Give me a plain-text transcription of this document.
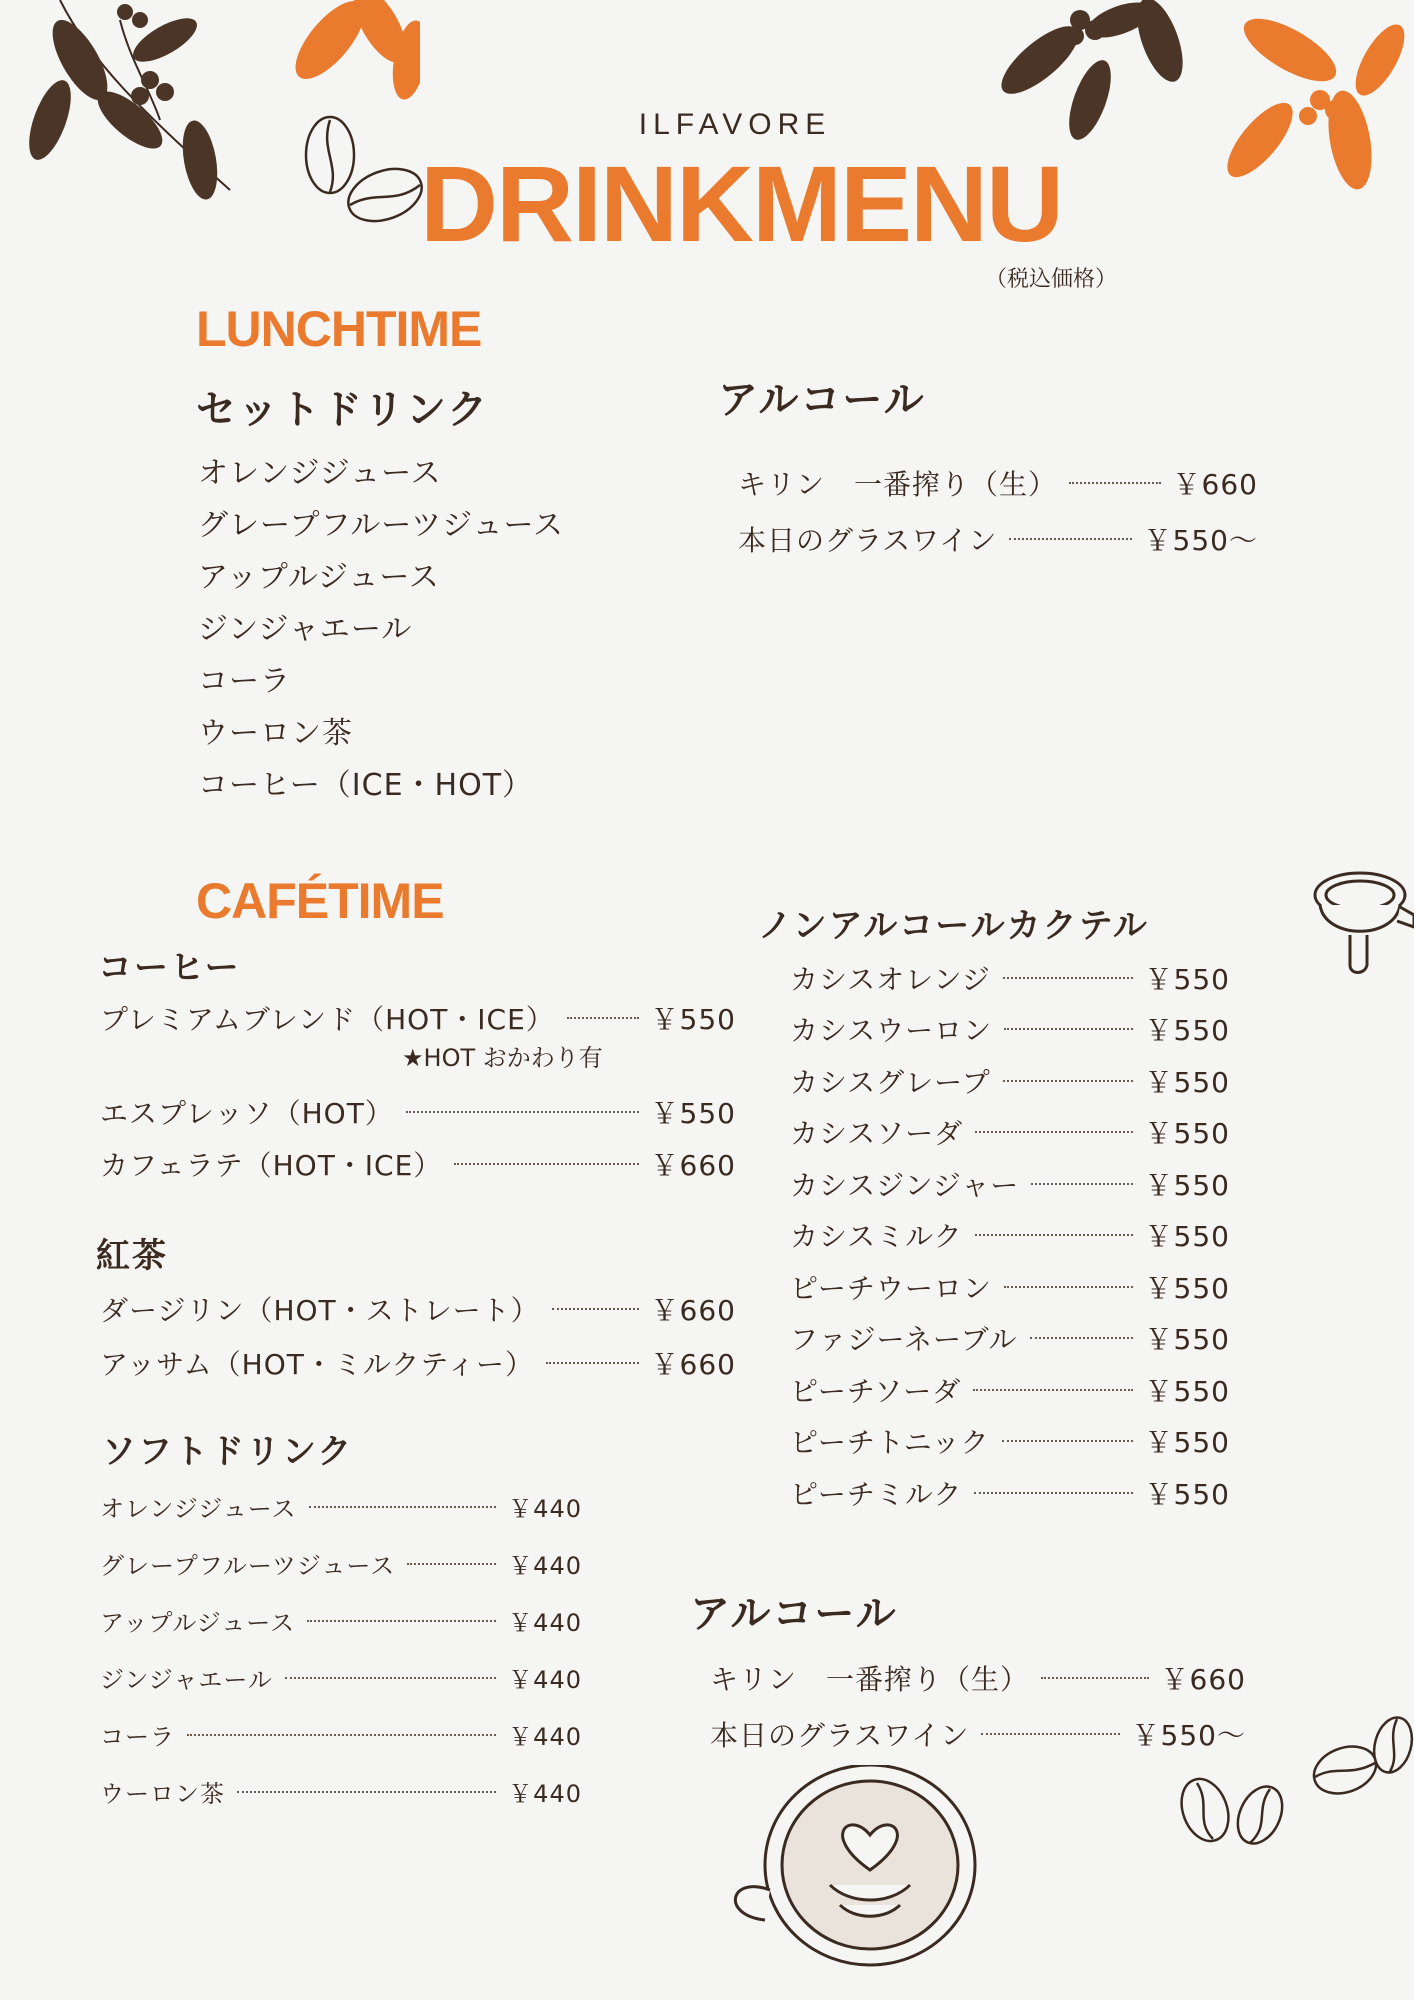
ILFAVORE
DRINKMENU
（税込価格）
LUNCHTIME
セットドリンク
オレンジジュース
グレープフルーツジュース
アップルジュース
ジンジャエール
コーラ
ウーロン茶
コーヒー（ICE・HOT）
アルコール
キリン　一番搾り（生）	￥660
本日のグラスワイン	￥550～
CAFÉTIME
コーヒー
プレミアムブレンド（HOT・ICE）	￥550
★HOT おかわり有
エスプレッソ（HOT）	￥550
カフェラテ（HOT・ICE）	￥660
紅茶
ダージリン（HOT・ストレート）	￥660
アッサム（HOT・ミルクティー）	￥660
ソフトドリンク
オレンジジュース	￥440
グレープフルーツジュース	￥440
アップルジュース	￥440
ジンジャエール	￥440
コーラ	￥440
ウーロン茶	￥440
ノンアルコールカクテル
カシスオレンジ	￥550
カシスウーロン	￥550
カシスグレープ	￥550
カシスソーダ	￥550
カシスジンジャー	￥550
カシスミルク	￥550
ピーチウーロン	￥550
ファジーネーブル	￥550
ピーチソーダ	￥550
ピーチトニック	￥550
ピーチミルク	￥550
アルコール
キリン　一番搾り（生）	￥660
本日のグラスワイン	￥550～
